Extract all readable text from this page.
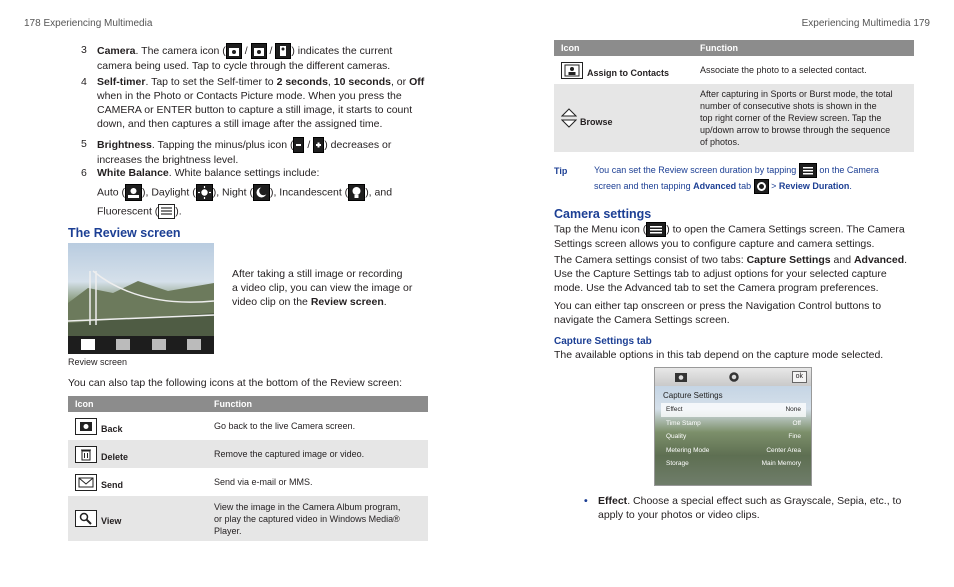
178 Experiencing Multimedia
3 Camera. The camera icon ( /  / ) indicates the current
camera being used. Tap to cycle through the different cameras.
4 Self-timer. Tap to set the Self-timer to 2 seconds, 10 seconds, or Off
when in the Photo or Contacts Picture mode. When you press the
CAMERA or ENTER button to capture a still image, it starts to count
down, and then captures a still image after the assigned time.
5 Brightness. Tapping the minus/plus icon ( / ) decreases or
increases the brightness level.
6 White Balance. White balance settings include:
Auto ( ), Daylight ( ), Night ( ), Incandescent ( ), and
Fluorescent ( ).
The Review screen
Review screen
After taking a still image or recording
a video clip, you can view the image or
video clip on the Review screen.
You can also tap the following icons at the bottom of the Review screen:
Icon	Function
Back	Go back to the live Camera screen.

Delete	Remove the captured image or video.

Send	Send via e-mail or MMS.

View	View the image in the Camera Album program,
or play the captured video in Windows Media®
Player.
Experiencing Multimedia 179
Icon	Function
Assign to Contacts	Associate the photo to a selected contact.

Browse	After capturing in Sports or Burst mode, the total
number of consecutive shots is shown in the
top right corner of the Review screen. Tap the
up/down arrow to browse through the sequence
of photos.
Tip	You can set the Review screen duration by tapping  on the Camera
screen and then tapping Advanced tab  > Review Duration.
Camera settings
Tap the Menu icon ( ) to open the Camera Settings screen. The Camera
Settings screen allows you to configure capture and camera settings.
The Camera settings consist of two tabs: Capture Settings and Advanced.
Use the Capture Settings tab to adjust options for your selected capture
mode. Use the Advanced tab to set the Camera program preferences.
You can either tap onscreen or press the Navigation Control buttons to
navigate the Camera Settings screen.
Capture Settings tab
The available options in this tab depend on the capture mode selected.
ok
Capture Settings
Effect	None
Time Stamp	Off
Quality	Fine
Metering Mode	Center Area
Storage	Main Memory
• Effect. Choose a special effect such as Grayscale, Sepia, etc., to
apply to your photos or video clips.
